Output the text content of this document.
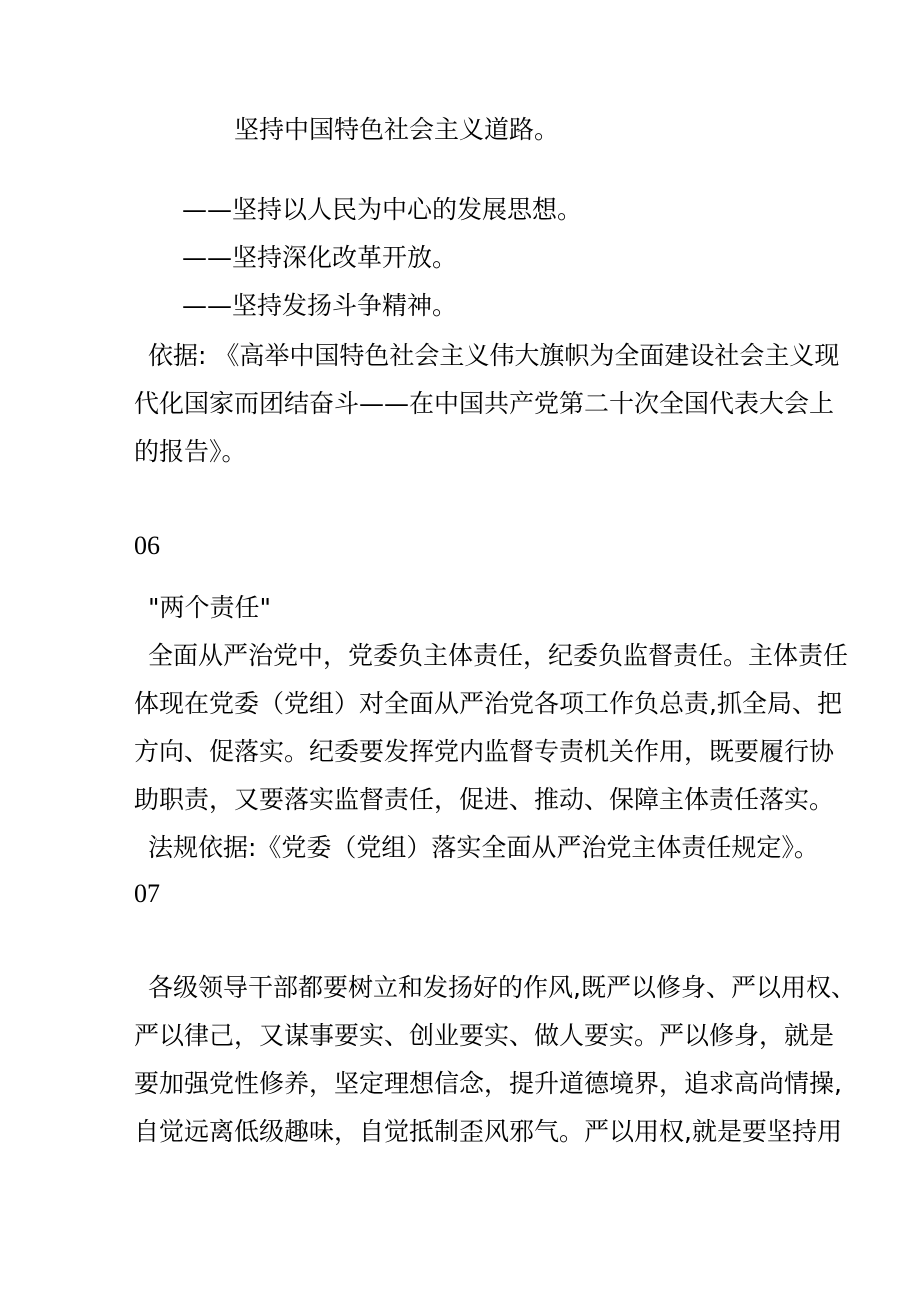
坚持中国特色社会主义道路。

——坚持以人民为中心的发展思想。

——坚持深化改革开放。

——坚持发扬斗争精神。

依据: 《高举中国特色社会主义伟大旗帜为全面建设社会主义现

代化国家而团结奋斗——在中国共产党第二十次全国代表大会上

的报告》。

06

"两个责任"

全面从严治党中，党委负主体责任，纪委负监督责任。主体责任

体现在党委（党组）对全面从严治党各项工作负总责,抓全局、把

方向、促落实。纪委要发挥党内监督专责机关作用，既要履行协

助职责，又要落实监督责任，促进、推动、保障主体责任落实。

法规依据:《党委（党组）落实全面从严治党主体责任规定》。

07

各级领导干部都要树立和发扬好的作风,既严以修身、严以用权、

严以律己，又谋事要实、创业要实、做人要实。严以修身，就是

要加强党性修养，坚定理想信念，提升道德境界，追求高尚情操,

自觉远离低级趣味，自觉抵制歪风邪气。严以用权,就是要坚持用
